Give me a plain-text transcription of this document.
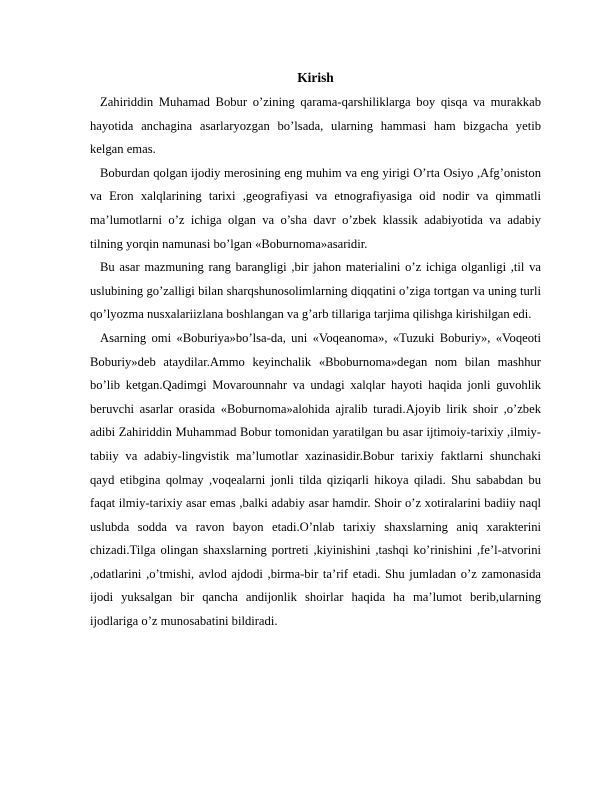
Kirish

Zahiriddin Muhamad Bobur o’zining qarama-qarshiliklarga boy qisqa va murakkab hayotida anchagina asarlaryozgan bo’lsada, ularning hammasi ham bizgacha yetib kelgan emas.

Boburdan qolgan ijodiy merosining eng muhim va eng yirigi O’rta Osiyo ,Afg’oniston va Eron xalqlarining tarixi ,geografiyasi va etnografiyasiga oid nodir va qimmatli ma’lumotlarni o’z ichiga olgan va o’sha davr o’zbek klassik adabiyotida va adabiy tilning yorqin namunasi bo’lgan «Boburnoma»asaridir.

Bu asar mazmuning rang barangligi ,bir jahon materialini o’z ichiga olganligi ,til va uslubining go’zalligi bilan sharqshunosolimlarning diqqatini o’ziga tortgan va uning turli qo’lyozma nusxalariizlana boshlangan va g’arb tillariga tarjima qilishga kirishilgan edi.

Asarning omi «Boburiya»bo’lsa-da, uni «Voqeanoma», «Tuzuki Boburiy», «Voqeoti Boburiy»deb ataydilar.Ammo keyinchalik «Bboburnoma»degan nom bilan mashhur bo’lib ketgan.Qadimgi Movarounnahr va undagi xalqlar hayoti haqida jonli guvohlik beruvchi asarlar orasida «Boburnoma»alohida ajralib turadi.Ajoyib lirik shoir ,o’zbek adibi Zahiriddin Muhammad Bobur tomonidan yaratilgan bu asar ijtimoiy-tarixiy ,ilmiy-tabiiy va adabiy-lingvistik ma’lumotlar xazinasidir.Bobur tarixiy faktlarni shunchaki qayd etibgina qolmay ,voqealarni jonli tilda qiziqarli hikoya qiladi. Shu sababdan bu faqat ilmiy-tarixiy asar emas ,balki adabiy asar hamdir. Shoir o’z xotiralarini badiiy naql uslubda sodda va ravon bayon etadi.O’nlab tarixiy shaxslarning aniq xarakterini chizadi.Tilga olingan shaxslarning portreti ,kiyinishini ,tashqi ko’rinishini ,fe’l-atvorini ,odatlarini ,o’tmishi, avlod ajdodi ,birma-bir ta’rif etadi. Shu jumladan o’z zamonasida ijodi yuksalgan bir qancha andijonlik shoirlar haqida ha ma’lumot berib,ularning ijodlariga o’z munosabatini bildiradi.
